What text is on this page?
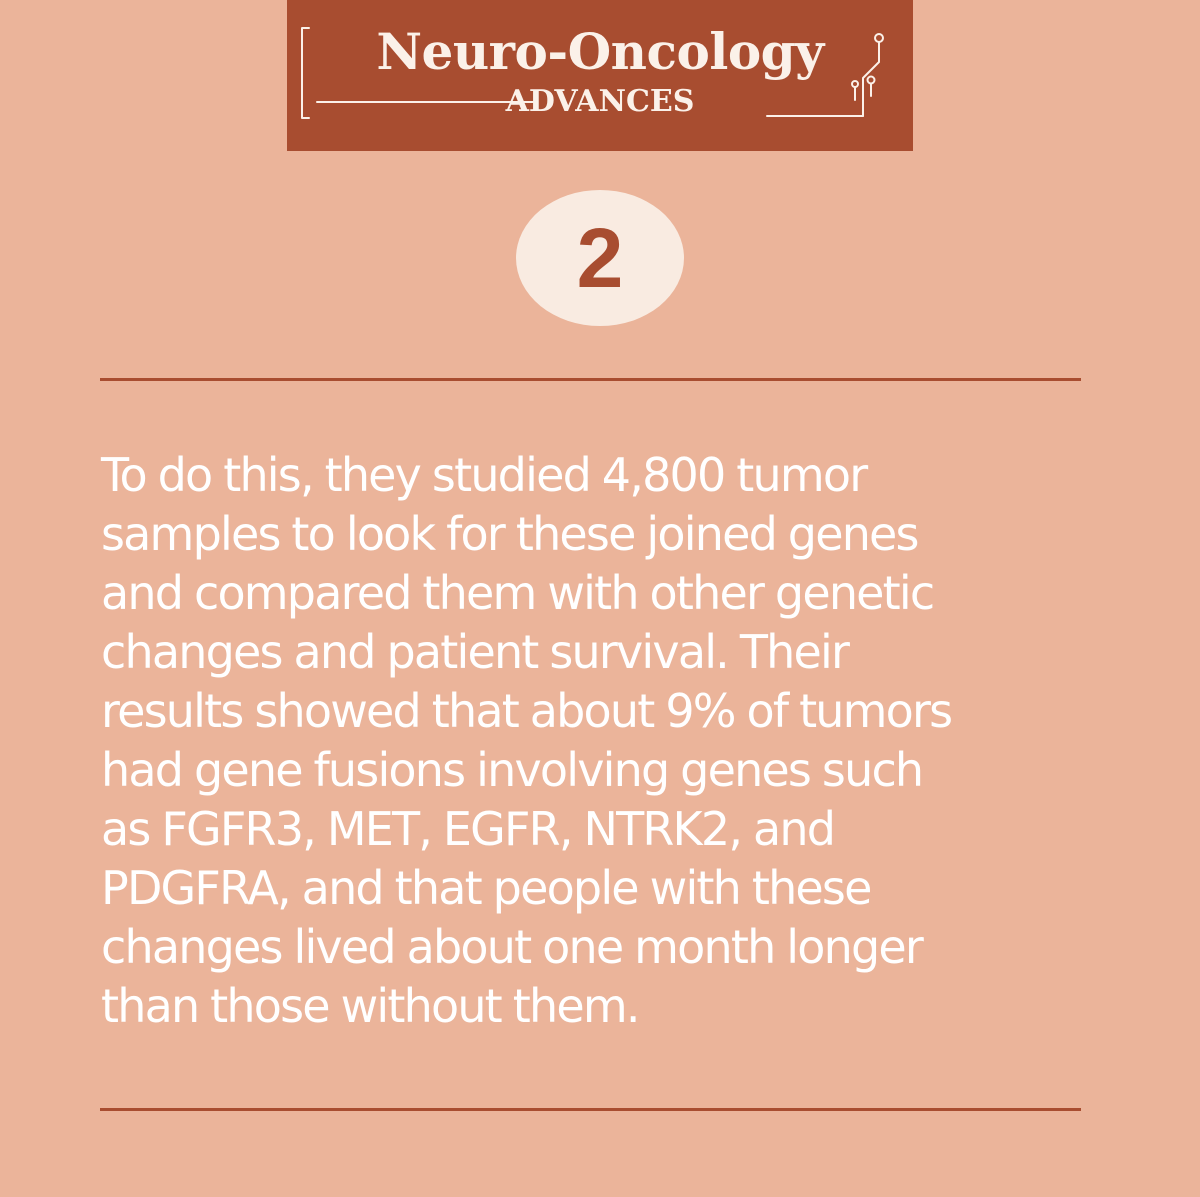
Neuro-Oncology
ADVANCES
2

To do this, they studied 4,800 tumor
samples to look for these joined genes
and compared them with other genetic
changes and patient survival. Their
results showed that about 9% of tumors
had gene fusions involving genes such
as FGFR3, MET, EGFR, NTRK2, and
PDGFRA, and that people with these
changes lived about one month longer
than those without them.
